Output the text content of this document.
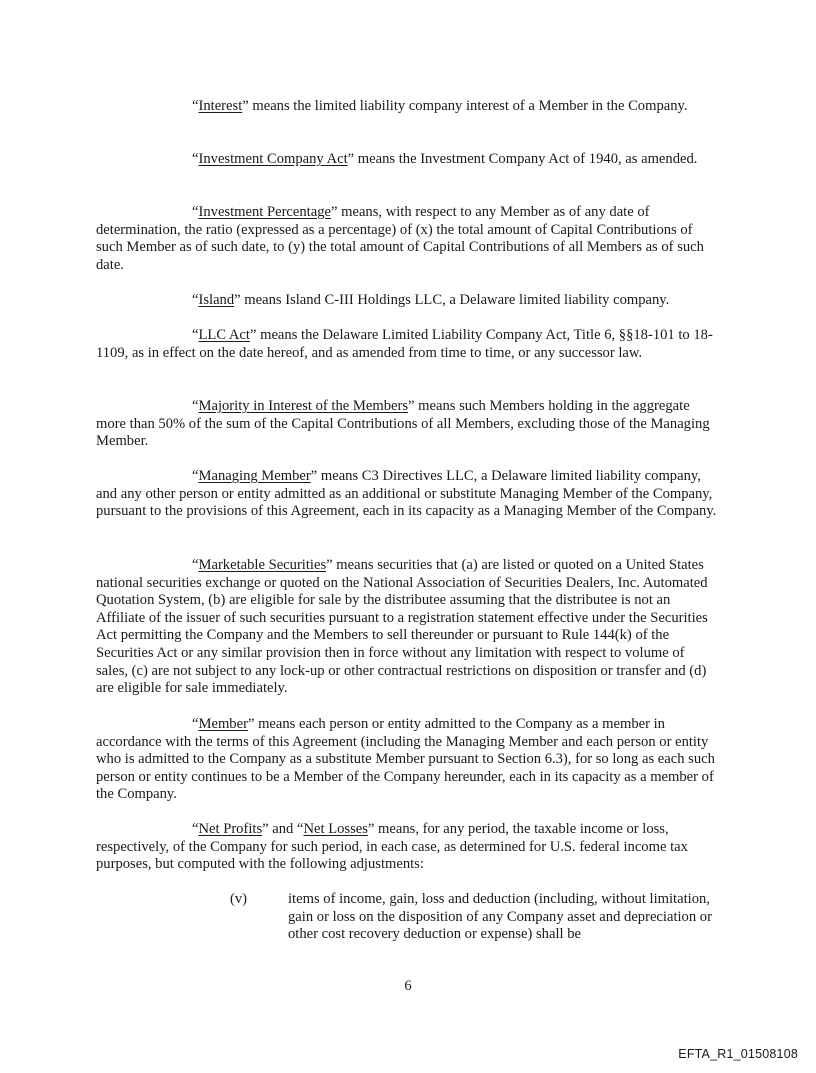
“Interest” means the limited liability company interest of a Member in the Company.

“Investment Company Act” means the Investment Company Act of 1940, as amended.

“Investment Percentage” means, with respect to any Member as of any date of determination, the ratio (expressed as a percentage) of (x) the total amount of Capital Contributions of such Member as of such date, to (y) the total amount of Capital Contributions of all Members as of such date.

“Island” means Island C-III Holdings LLC, a Delaware limited liability company.

“LLC Act” means the Delaware Limited Liability Company Act, Title 6, §§18-101 to 18-1109, as in effect on the date hereof, and as amended from time to time, or any successor law.

“Majority in Interest of the Members” means such Members holding in the aggregate more than 50% of the sum of the Capital Contributions of all Members, excluding those of the Managing Member.

“Managing Member” means C3 Directives LLC, a Delaware limited liability company, and any other person or entity admitted as an additional or substitute Managing Member of the Company, pursuant to the provisions of this Agreement, each in its capacity as a Managing Member of the Company.

“Marketable Securities” means securities that (a) are listed or quoted on a United States national securities exchange or quoted on the National Association of Securities Dealers, Inc. Automated Quotation System, (b) are eligible for sale by the distributee assuming that the distributee is not an Affiliate of the issuer of such securities pursuant to a registration statement effective under the Securities Act permitting the Company and the Members to sell thereunder or pursuant to Rule 144(k) of the Securities Act or any similar provision then in force without any limitation with respect to volume of sales, (c) are not subject to any lock-up or other contractual restrictions on disposition or transfer and (d) are eligible for sale immediately.

“Member” means each person or entity admitted to the Company as a member in accordance with the terms of this Agreement (including the Managing Member and each person or entity who is admitted to the Company as a substitute Member pursuant to Section 6.3), for so long as each such person or entity continues to be a Member of the Company hereunder, each in its capacity as a member of the Company.

“Net Profits” and “Net Losses” means, for any period, the taxable income or loss, respectively, of the Company for such period, in each case, as determined for U.S. federal income tax purposes, but computed with the following adjustments:

(v)	items of income, gain, loss and deduction (including, without limitation, gain or loss on the disposition of any Company asset and depreciation or other cost recovery deduction or expense) shall be

6

EFTA_R1_01508108
